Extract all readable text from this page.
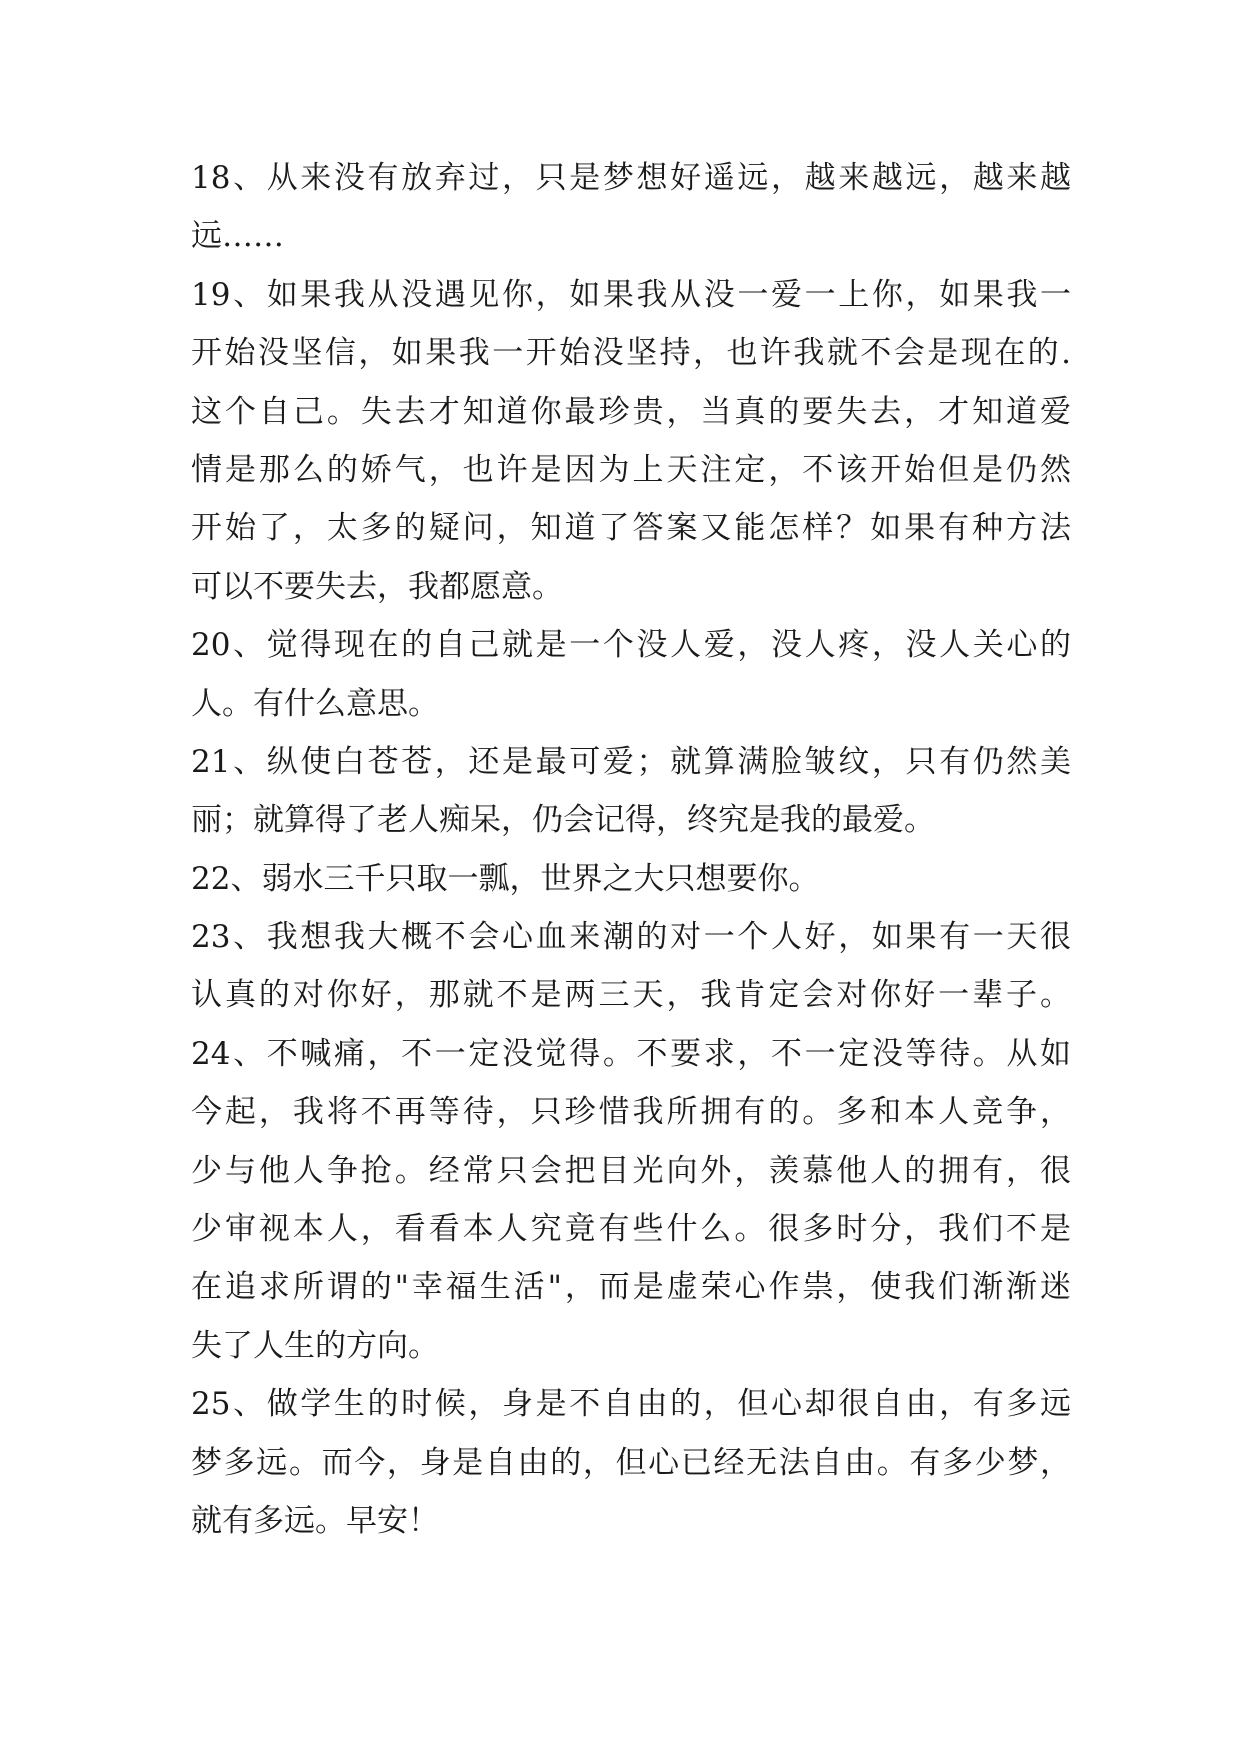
18、从来没有放弃过，只是梦想好遥远，越来越远，越来越
远……
19、如果我从没遇见你，如果我从没一爱一上你，如果我一
开始没坚信，如果我一开始没坚持，也许我就不会是现在的.
这个自己。失去才知道你最珍贵，当真的要失去，才知道爱
情是那么的娇气，也许是因为上天注定，不该开始但是仍然
开始了，太多的疑问，知道了答案又能怎样？如果有种方法
可以不要失去，我都愿意。
20、觉得现在的自己就是一个没人爱，没人疼，没人关心的
人。有什么意思。
21、纵使白苍苍，还是最可爱；就算满脸皱纹，只有仍然美
丽；就算得了老人痴呆，仍会记得，终究是我的最爱。
22、弱水三千只取一瓢，世界之大只想要你。
23、我想我大概不会心血来潮的对一个人好，如果有一天很
认真的对你好，那就不是两三天，我肯定会对你好一辈子。
24、不喊痛，不一定没觉得。不要求，不一定没等待。从如
今起，我将不再等待，只珍惜我所拥有的。多和本人竞争，
少与他人争抢。经常只会把目光向外，羡慕他人的拥有，很
少审视本人，看看本人究竟有些什么。很多时分，我们不是
在追求所谓的"幸福生活"，而是虚荣心作祟，使我们渐渐迷
失了人生的方向。
25、做学生的时候，身是不自由的，但心却很自由，有多远
梦多远。而今，身是自由的，但心已经无法自由。有多少梦，
就有多远。早安！
